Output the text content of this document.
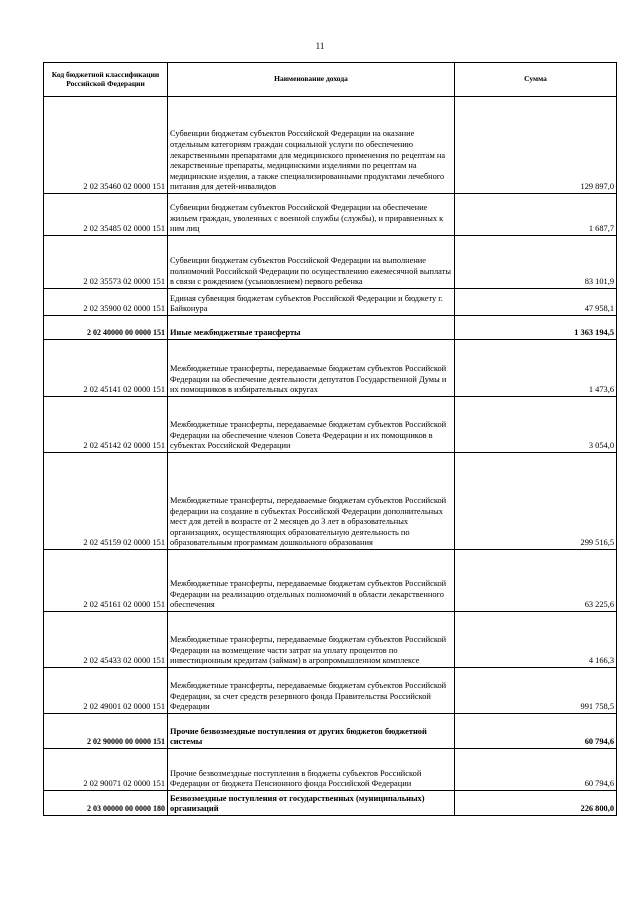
11
Код бюджетной классификации Российской Федерации	Наименование дохода	Сумма
2 02 35460 02 0000 151	Субвенции бюджетам субъектов Российской Федерации на оказание отдельным категориям граждан социальной услуги по обеспечению лекарственными препаратами для медицинского применения по рецептам на лекарственные препараты, медицинскими изделиями по рецептам на медицинские изделия, а также специализированными продуктами лечебного питания для детей-инвалидов	129 897,0
2 02 35485 02 0000 151	Субвенции бюджетам субъектов Российской Федерации на обеспечение жильем граждан, уволенных с военной службы (службы), и приравненных к ним лиц	1 687,7
2 02 35573 02 0000 151	Субвенции бюджетам субъектов Российской Федерации на выполнение полномочий Российской Федерации по осуществлению ежемесячной выплаты в связи с рождением (усыновлением) первого ребенка	83 101,9
2 02 35900 02 0000 151	Единая субвенция бюджетам субъектов Российской Федерации и бюджету г. Байконура	47 958,1
2 02 40000 00 0000 151	Иные межбюджетные трансферты	1 363 194,5
2 02 45141 02 0000 151	Межбюджетные трансферты, передаваемые бюджетам субъектов Российской Федерации на обеспечение деятельности депутатов Государственной Думы и их помощников в избирательных округах	1 473,6
2 02 45142 02 0000 151	Межбюджетные трансферты, передаваемые бюджетам субъектов Российской Федерации на обеспечение членов Совета Федерации и их помощников в субъектах Российской Федерации	3 054,0
2 02 45159 02 0000 151	Межбюджетные трансферты, передаваемые бюджетам субъектов Российской федерации на создание в субъектах Российской Федерации дополнительных мест для детей в возрасте от 2 месяцев до 3 лет в образовательных организациях, осуществляющих образовательную деятельность по образовательным программам дошкольного образования	299 516,5
2 02 45161 02 0000 151	Межбюджетные трансферты, передаваемые бюджетам субъектов Российской Федерации на реализацию отдельных полномочий в области лекарственного обеспечения	63 225,6
2 02 45433 02 0000 151	Межбюджетные трансферты, передаваемые бюджетам субъектов Российской Федерации на возмещение части затрат на уплату процентов по инвестиционным кредитам (займам) в агропромышленном комплексе	4 166,3
2 02 49001 02 0000 151	Межбюджетные трансферты, передаваемые бюджетам субъектов Российской Федерации, за счет средств резервного фонда Правительства Российской Федерации	991 758,5
2 02 90000 00 0000 151	Прочие безвозмездные поступления от других бюджетов бюджетной системы	60 794,6
2 02 90071 02 0000 151	Прочие безвозмездные поступления в бюджеты субъектов Российской Федерации от бюджета Пенсионного фонда Российской Федерации	60 794,6
2 03 00000 00 0000 180	Безвозмездные поступления от государственных (муниципальных) организаций	226 800,0
